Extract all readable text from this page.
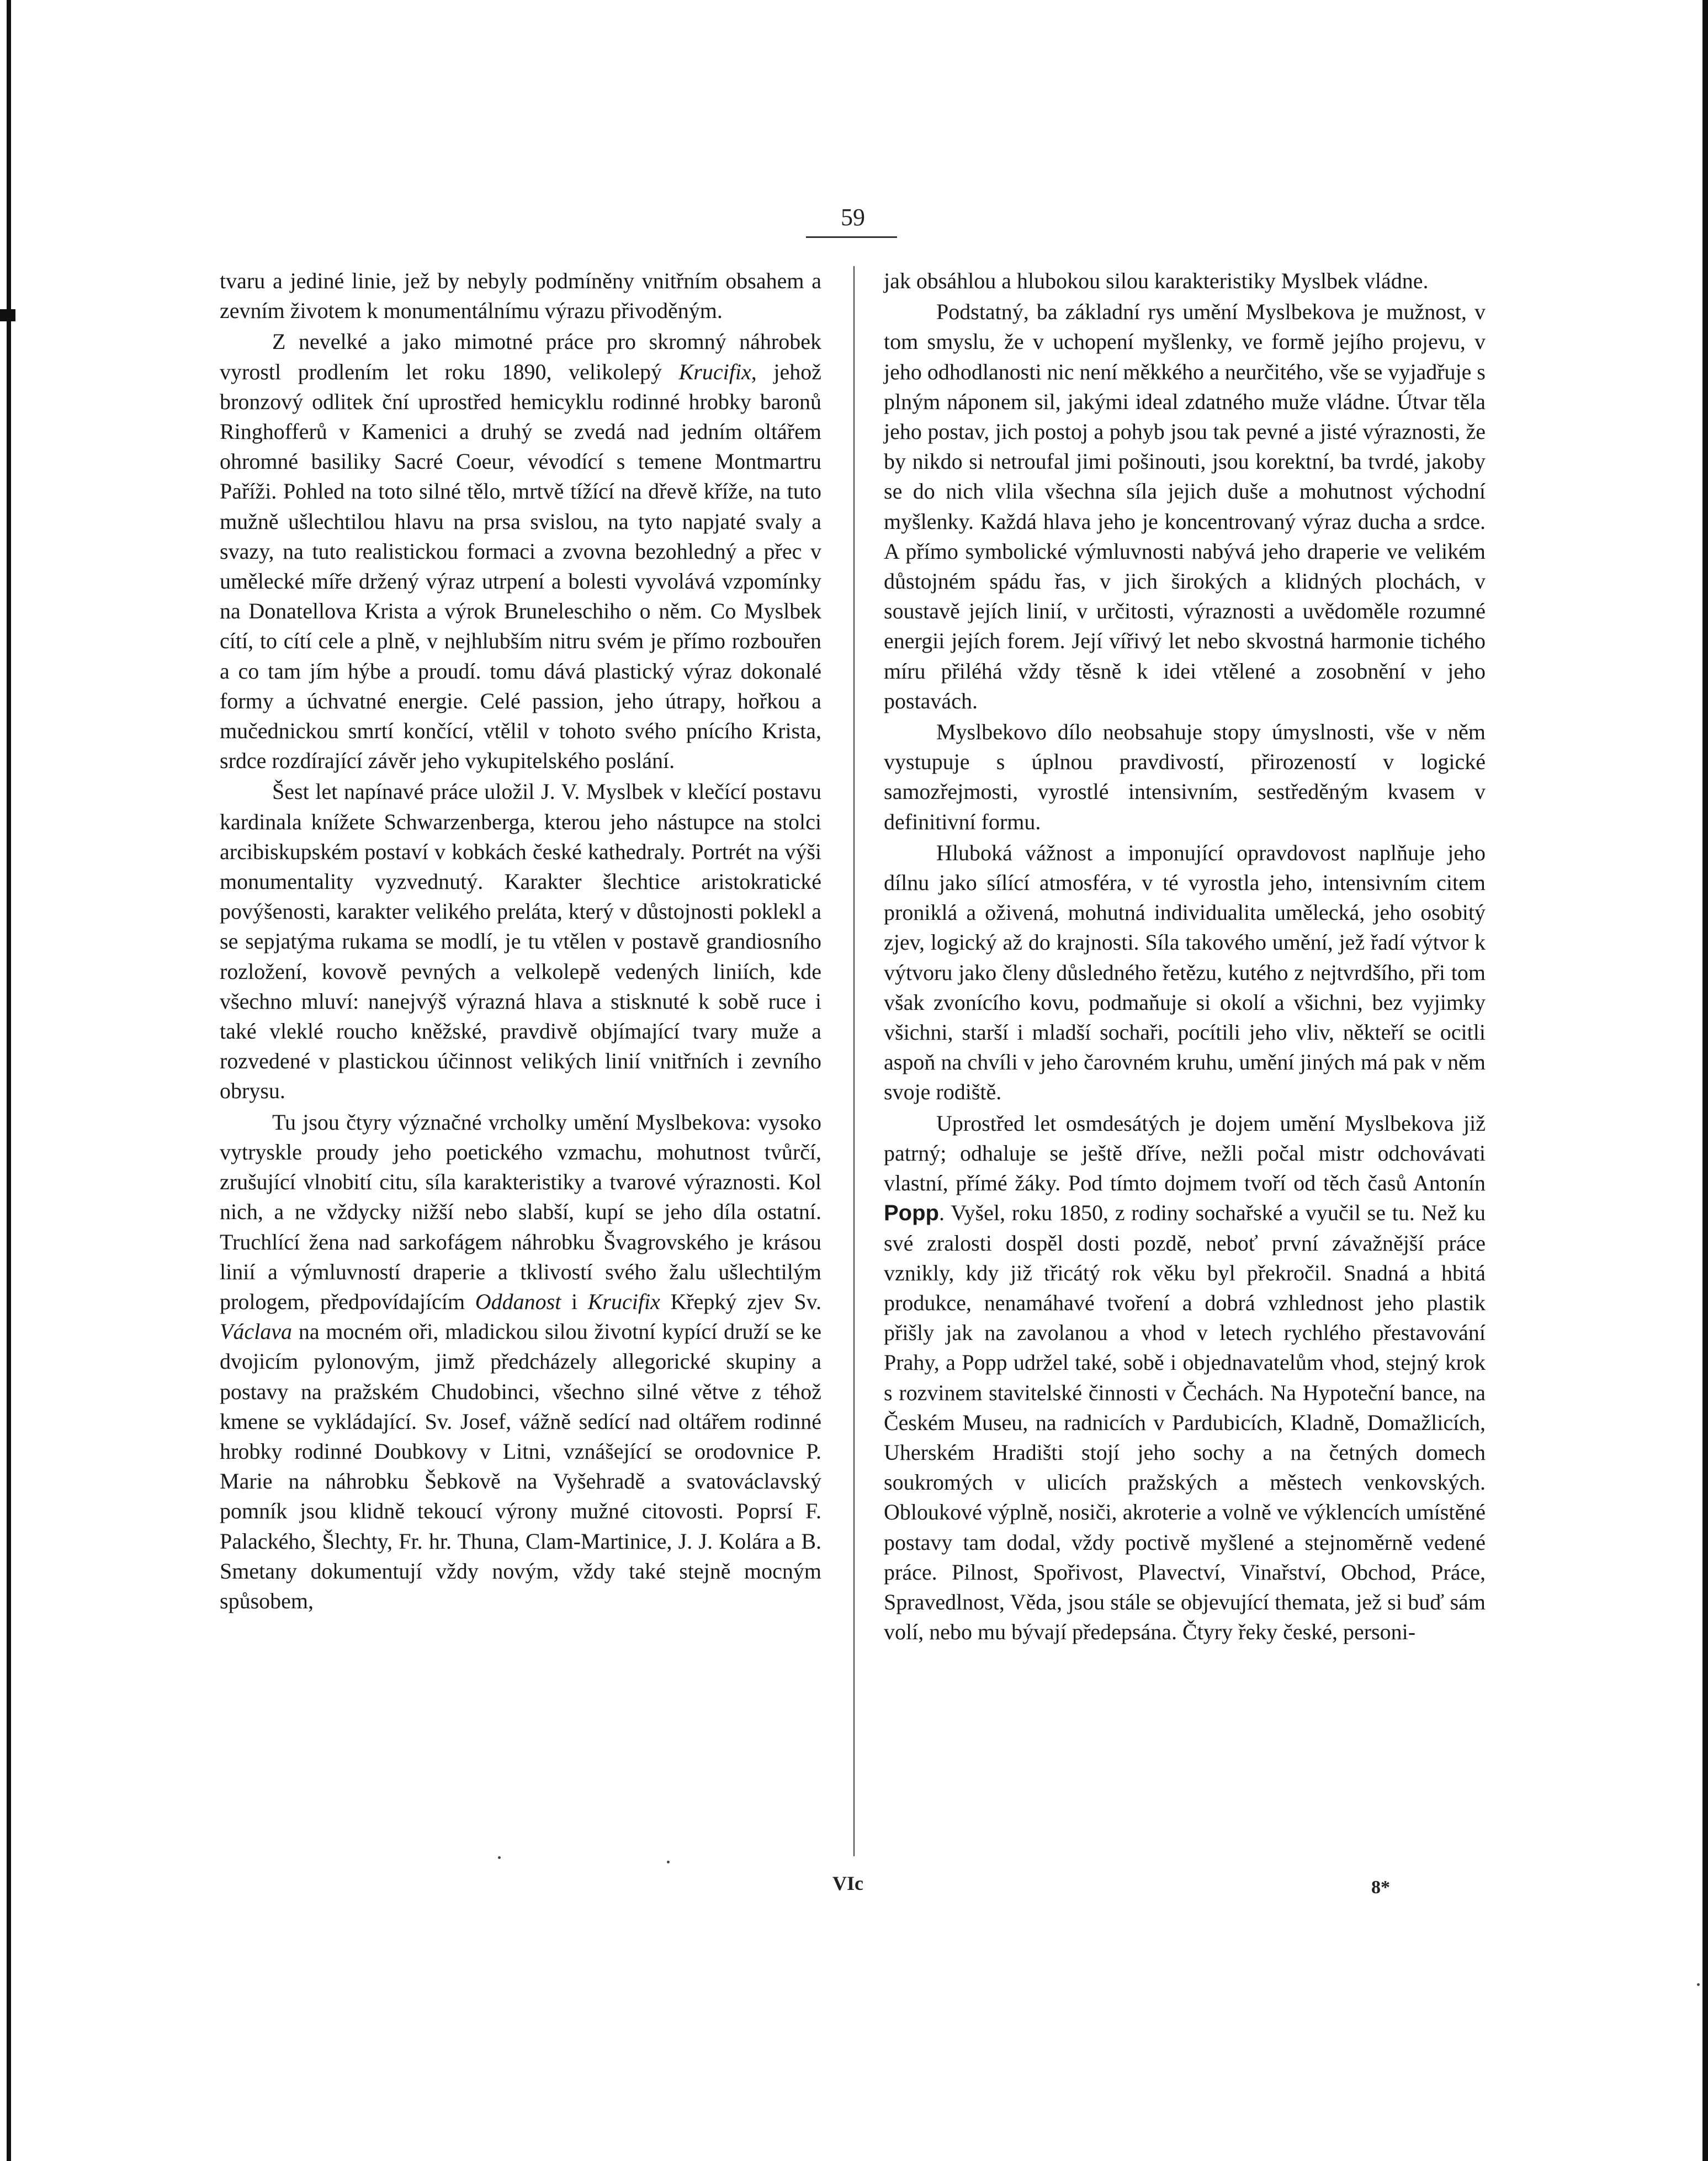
59

tvaru a jediné linie, jež by nebyly podmíněny vnitřním obsahem a zevním životem k monumentálnímu výrazu přivoděným.

Z nevelké a jako mimotné práce pro skromný náhrobek vyrostl prodlením let roku 1890, velikolepý Krucifix, jehož bronzový odlitek ční uprostřed hemicyklu rodinné hrobky baronů Ringhofferů v Kamenici a druhý se zvedá nad jedním oltářem ohromné basiliky Sacré Coeur, vévodící s temene Montmartru Paříži. Pohled na toto silné tělo, mrtvě tížící na dřevě kříže, na tuto mužně ušlechtilou hlavu na prsa svislou, na tyto napjaté svaly a svazy, na tuto realistickou formaci a zvovna bezohledný a přec v umělecké míře držený výraz utrpení a bolesti vyvolává vzpomínky na Donatellova Krista a výrok Bruneleschiho o něm. Co Myslbek cítí, to cítí cele a plně, v nejhlubším nitru svém je přímo rozbouřen a co tam jím hýbe a proudí. tomu dává plastický výraz dokonalé formy a úchvatné energie. Celé passion, jeho útrapy, hořkou a mučednickou smrtí končící, vtělil v tohoto svého pnícího Krista, srdce rozdírající závěr jeho vykupitelského poslání.

Šest let napínavé práce uložil J. V. Myslbek v klečící postavu kardinala knížete Schwarzenberga, kterou jeho nástupce na stolci arcibiskupském postaví v kobkách české kathedraly. Portrét na výši monumentality vyzvednutý. Karakter šlechtice aristokratické povýšenosti, karakter velikého preláta, který v důstojnosti poklekl a se sepjatýma rukama se modlí, je tu vtělen v postavě grandiosního rozložení, kovově pevných a velkolepě vedených liniích, kde všechno mluví: nanejvýš výrazná hlava a stisknuté k sobě ruce i také vleklé roucho kněžské, pravdivě objímající tvary muže a rozvedené v plastickou účinnost velikých linií vnitřních i zevního obrysu.

Tu jsou čtyry význačné vrcholky umění Myslbekova: vysoko vytryskle proudy jeho poetického vzmachu, mohutnost tvůrčí, zrušující vlnobití citu, síla karakteristiky a tvarové výraznosti. Kol nich, a ne vždycky nižší nebo slabší, kupí se jeho díla ostatní. Truchlící žena nad sarkofágem náhrobku Švagrovského je krásou linií a výmluvností draperie a tklivostí svého žalu ušlechtilým prologem, předpovídajícím Oddanost i Krucifix Křepký zjev Sv. Václava na mocném oři, mladickou silou životní kypící druží se ke dvojicím pylonovým, jimž předcházely allegorické skupiny a postavy na pražském Chudobinci, všechno silné větve z téhož kmene se vykládající. Sv. Josef, vážně sedící nad oltářem rodinné hrobky rodinné Doubkovy v Litni, vznášející se orodovnice P. Marie na náhrobku Šebkově na Vyšehradě a svatováclavský pomník jsou klidně tekoucí výrony mužné citovosti. Poprsí F. Palackého, Šlechty, Fr. hr. Thuna, Clam-Martinice, J. J. Kolára a B. Smetany dokumentují vždy novým, vždy také stejně mocným spůsobem,

jak obsáhlou a hlubokou silou karakteristiky Myslbek vládne.

Podstatný, ba základní rys umění Myslbekova je mužnost, v tom smyslu, že v uchopení myšlenky, ve formě jejího projevu, v jeho odhodlanosti nic není měkkého a neurčitého, vše se vyjadřuje s plným náponem sil, jakými ideal zdatného muže vládne. Útvar těla jeho postav, jich postoj a pohyb jsou tak pevné a jisté výraznosti, že by nikdo si netroufal jimi pošinouti, jsou korektní, ba tvrdé, jakoby se do nich vlila všechna síla jejich duše a mohutnost východní myšlenky. Každá hlava jeho je koncentrovaný výraz ducha a srdce. A přímo symbolické výmluvnosti nabývá jeho draperie ve velikém důstojném spádu řas, v jich širokých a klidných plochách, v soustavě jejích linií, v určitosti, výraznosti a uvědoměle rozumné energii jejích forem. Její vířivý let nebo skvostná harmonie tichého míru přiléhá vždy těsně k idei vtělené a zosobnění v jeho postavách.

Myslbekovo dílo neobsahuje stopy úmyslnosti, vše v něm vystupuje s úplnou pravdivostí, přirozeností v logické samozřejmosti, vyrostlé intensivním, sestředěným kvasem v definitivní formu.

Hluboká vážnost a imponující opravdovost naplňuje jeho dílnu jako sílící atmosféra, v té vyrostla jeho, intensivním citem proniklá a oživená, mohutná individualita umělecká, jeho osobitý zjev, logický až do krajnosti. Síla takového umění, jež řadí výtvor k výtvoru jako členy důsledného řetězu, kutého z nejtvrdšího, při tom však zvonícího kovu, podmaňuje si okolí a všichni, bez vyjimky všichni, starší i mladší sochaři, pocítili jeho vliv, někteří se ocitli aspoň na chvíli v jeho čarovném kruhu, umění jiných má pak v něm svoje rodiště.

Uprostřed let osmdesátých je dojem umění Myslbekova již patrný; odhaluje se ještě dříve, nežli počal mistr odchovávati vlastní, přímé žáky. Pod tímto dojmem tvoří od těch časů Antonín Popp. Vyšel, roku 1850, z rodiny sochařské a vyučil se tu. Než ku své zralosti dospěl dosti pozdě, neboť první závažnější práce vznikly, kdy již třicátý rok věku byl překročil. Snadná a hbitá produkce, nenamáhavé tvoření a dobrá vzhlednost jeho plastik přišly jak na zavolanou a vhod v letech rychlého přestavování Prahy, a Popp udržel také, sobě i objednavatelům vhod, stejný krok s rozvinem stavitelské činnosti v Čechách. Na Hypoteční bance, na Českém Museu, na radnicích v Pardubicích, Kladně, Domažlicích, Uherském Hradišti stojí jeho sochy a na četných domech soukromých v ulicích pražských a městech venkovských. Obloukové výplně, nosiči, akroterie a volně ve výklencích umístěné postavy tam dodal, vždy poctivě myšlené a stejnoměrně vedené práce. Pilnost, Spořivost, Plavectví, Vinařství, Obchod, Práce, Spravedlnost, Věda, jsou stále se objevující themata, jež si buď sám volí, nebo mu bývají předepsána. Čtyry řeky české, personi-

VIc	8*
